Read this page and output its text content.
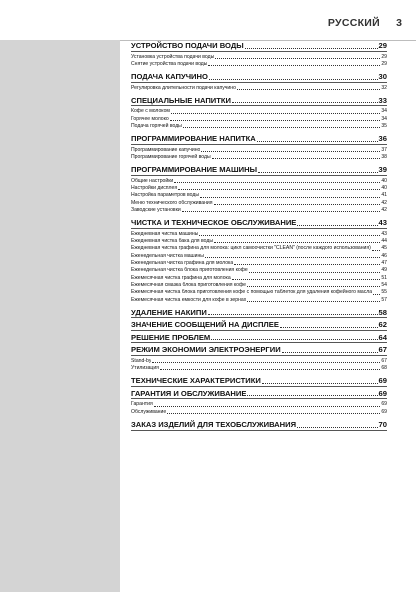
РУССКИЙ 3
УСТРОЙСТВО ПОДАЧИ ВОДЫ	29
Установка устройства подачи воды	29
Снятие устройства подачи воды	29
ПОДАЧА КАПУЧИНО	30
Регулировка длительности подачи капучино	32
СПЕЦИАЛЬНЫЕ НАПИТКИ	33
Кофе с молоком	34
Горячее молоко	34
Подача горячей воды	35
ПРОГРАММИРОВАНИЕ НАПИТКА	36
Программирование капучино	37
Программирование горячей воды	38
ПРОГРАММИРОВАНИЕ МАШИНЫ	39
Общие настройки	40
Настройки дисплея	40
Настройка параметров воды	41
Меню технического обслуживания	42
Заводские установки	42
ЧИСТКА И ТЕХНИЧЕСКОЕ ОБСЛУЖИВАНИЕ	43
Ежедневная чистка машины	43
Ежедневная чистка бака для воды	44
Ежедневная чистка графина для молока: цикл самоочистки "CLEAN" (после каждого использования) 45
Еженедельная чистка машины	46
Еженедельная чистка графина для молока	47
Еженедельная чистка блока приготовления кофе	49
Ежемесячная чистка графина для молока	51
Ежемесячная смазка блока приготовления кофе	54
Ежемесячная чистка блока приготовления кофе с помощью таблеток для удаления кофейного масла 55
Ежемесячная чистка емкости для кофе в зернах	57
УДАЛЕНИЕ НАКИПИ	58
ЗНАЧЕНИЕ СООБЩЕНИЙ НА ДИСПЛЕЕ	62
РЕШЕНИЕ ПРОБЛЕМ	64
РЕЖИМ ЭКОНОМИИ ЭЛЕКТРОЭНЕРГИИ	67
Stand-by	67
Утилизация	68
ТЕХНИЧЕСКИЕ ХАРАКТЕРИСТИКИ	69
ГАРАНТИЯ И ОБСЛУЖИВАНИЕ	69
Гарантия	69
Обслуживание	69
ЗАКАЗ ИЗДЕЛИЙ ДЛЯ ТЕХОБСЛУЖИВАНИЯ	70
